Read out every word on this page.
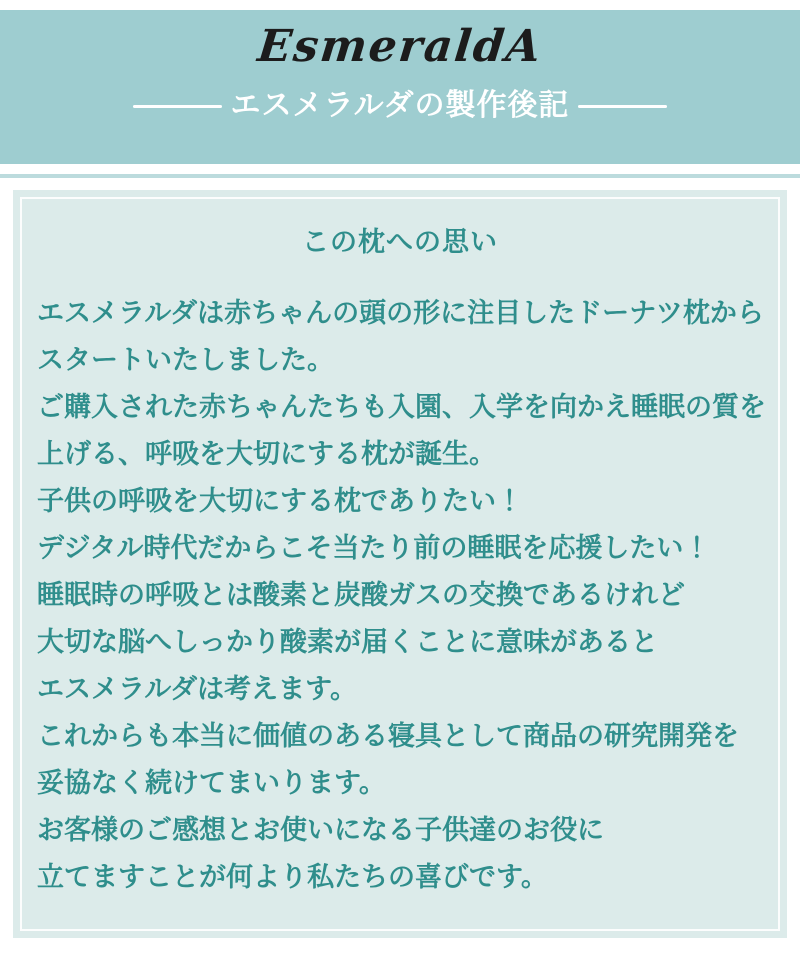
EsmeraldA
エスメラルダの製作後記
この枕への思い

エスメラルダは赤ちゃんの頭の形に注目したドーナツ枕から

スタートいたしました。

ご購入された赤ちゃんたちも入園、入学を向かえ睡眠の質を

上げる、呼吸を大切にする枕が誕生。

子供の呼吸を大切にする枕でありたい！

デジタル時代だからこそ当たり前の睡眠を応援したい！

睡眠時の呼吸とは酸素と炭酸ガスの交換であるけれど

大切な脳へしっかり酸素が届くことに意味があると

エスメラルダは考えます。

これからも本当に価値のある寝具として商品の研究開発を

妥協なく続けてまいります。

お客様のご感想とお使いになる子供達のお役に

立てますことが何より私たちの喜びです。
